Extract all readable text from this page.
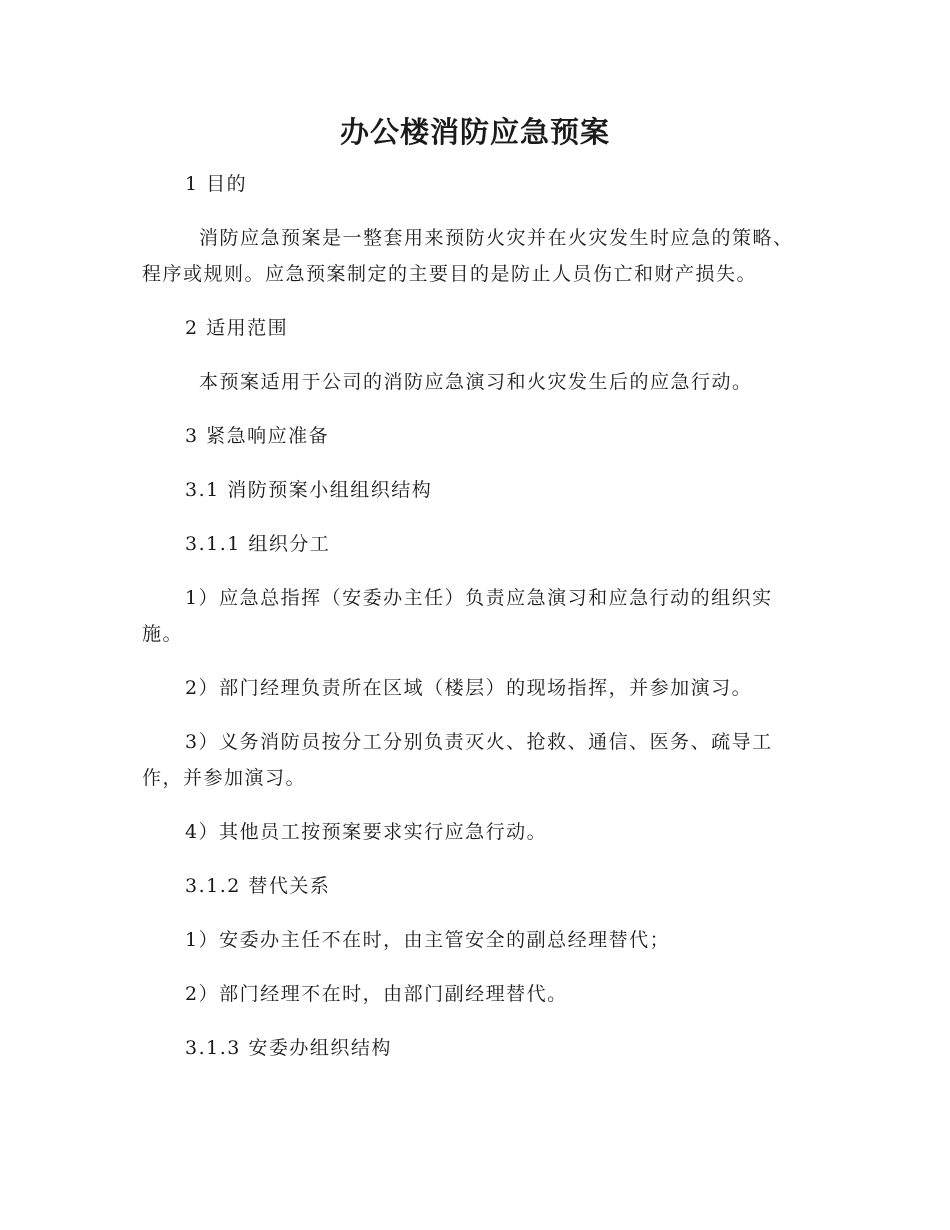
办公楼消防应急预案

1 目的

消防应急预案是一整套用来预防火灾并在火灾发生时应急的策略、程序或规则。应急预案制定的主要目的是防止人员伤亡和财产损失。

2 适用范围

本预案适用于公司的消防应急演习和火灾发生后的应急行动。

3 紧急响应准备

3.1 消防预案小组组织结构

3.1.1 组织分工

1）应急总指挥（安委办主任）负责应急演习和应急行动的组织实施。

2）部门经理负责所在区域（楼层）的现场指挥，并参加演习。

3）义务消防员按分工分别负责灭火、抢救、通信、医务、疏导工作，并参加演习。

4）其他员工按预案要求实行应急行动。

3.1.2 替代关系

1）安委办主任不在时，由主管安全的副总经理替代；

2）部门经理不在时，由部门副经理替代。

3.1.3 安委办组织结构
